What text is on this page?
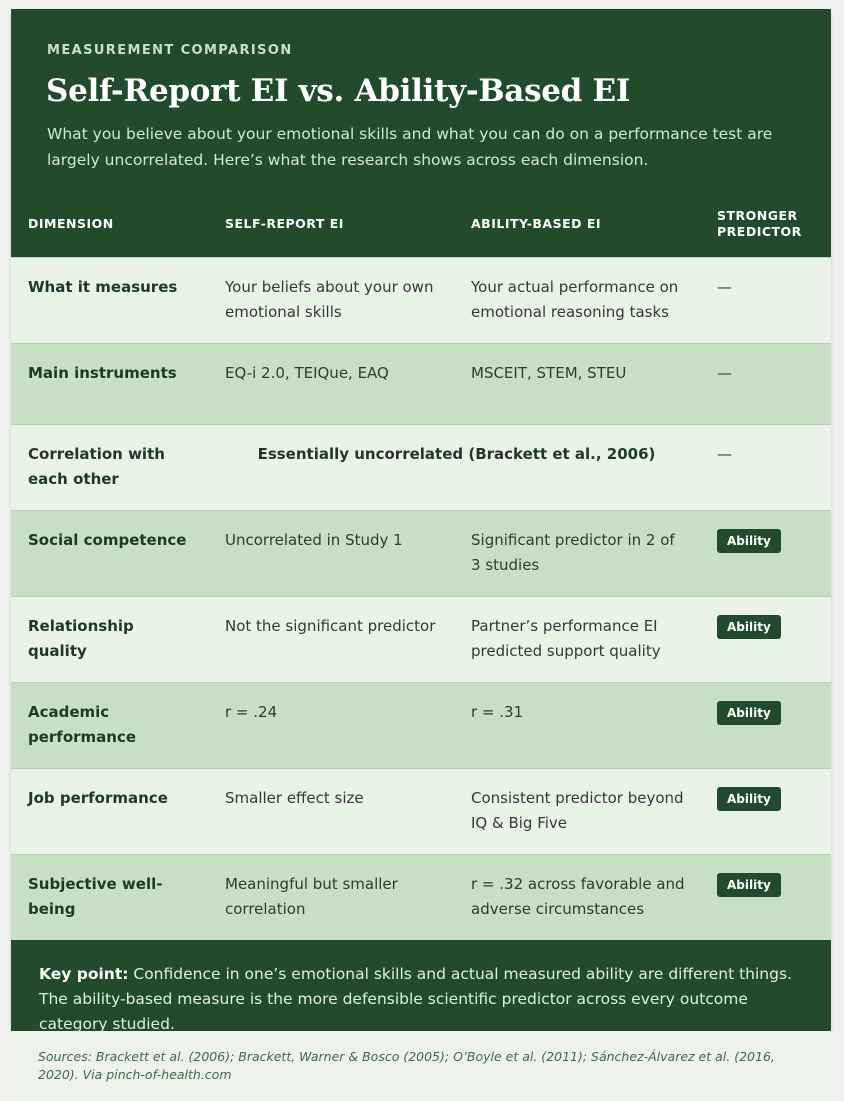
MEASUREMENT COMPARISON
Self-Report EI vs. Ability-Based EI
What you believe about your emotional skills and what you can do on a performance test are largely uncorrelated. Here’s what the research shows across each dimension.
DIMENSION	SELF-REPORT EI	ABILITY-BASED EI	STRONGER PREDICTOR
What it measures	Your beliefs about your own emotional skills	Your actual performance on emotional reasoning tasks	—
Main instruments	EQ-i 2.0, TEIQue, EAQ	MSCEIT, STEM, STEU	—
Correlation with each other	Essentially uncorrelated (Brackett et al., 2006)		—
Social competence	Uncorrelated in Study 1	Significant predictor in 2 of 3 studies	Ability
Relationship quality	Not the significant predictor	Partner’s performance EI predicted support quality	Ability
Academic performance	r = .24	r = .31	Ability
Job performance	Smaller effect size	Consistent predictor beyond IQ & Big Five	Ability
Subjective well-being	Meaningful but smaller correlation	r = .32 across favorable and adverse circumstances	Ability
Key point: Confidence in one’s emotional skills and actual measured ability are different things. The ability-based measure is the more defensible scientific predictor across every outcome category studied.
Sources: Brackett et al. (2006); Brackett, Warner & Bosco (2005); O’Boyle et al. (2011); Sánchez-Álvarez et al. (2016, 2020). Via pinch-of-health.com
